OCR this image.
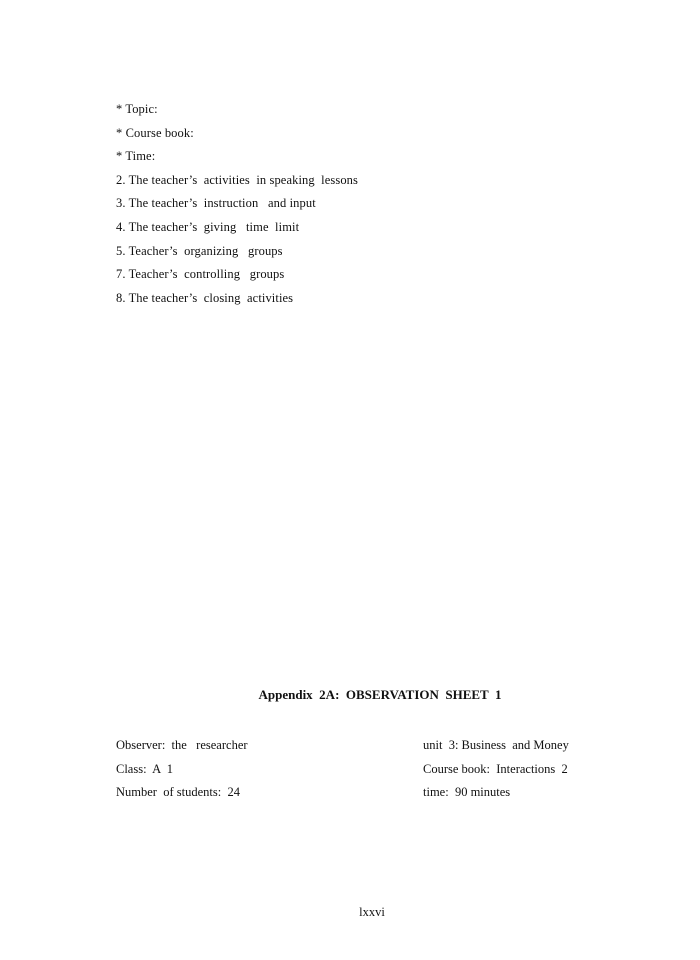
* Topic:
* Course book:
* Time:
2. The teacher’s  activities  in speaking  lessons
3. The teacher’s  instruction   and input
4. The teacher’s  giving   time  limit
5. Teacher’s  organizing   groups
7. Teacher’s  controlling   groups
8. The teacher’s  closing  activities
Appendix  2A:  OBSERVATION  SHEET  1
Observer:  the   researcher
Class:  A  1
Number  of students:  24
unit  3: Business  and Money
Course book:  Interactions  2
time:  90 minutes
lxxvi
